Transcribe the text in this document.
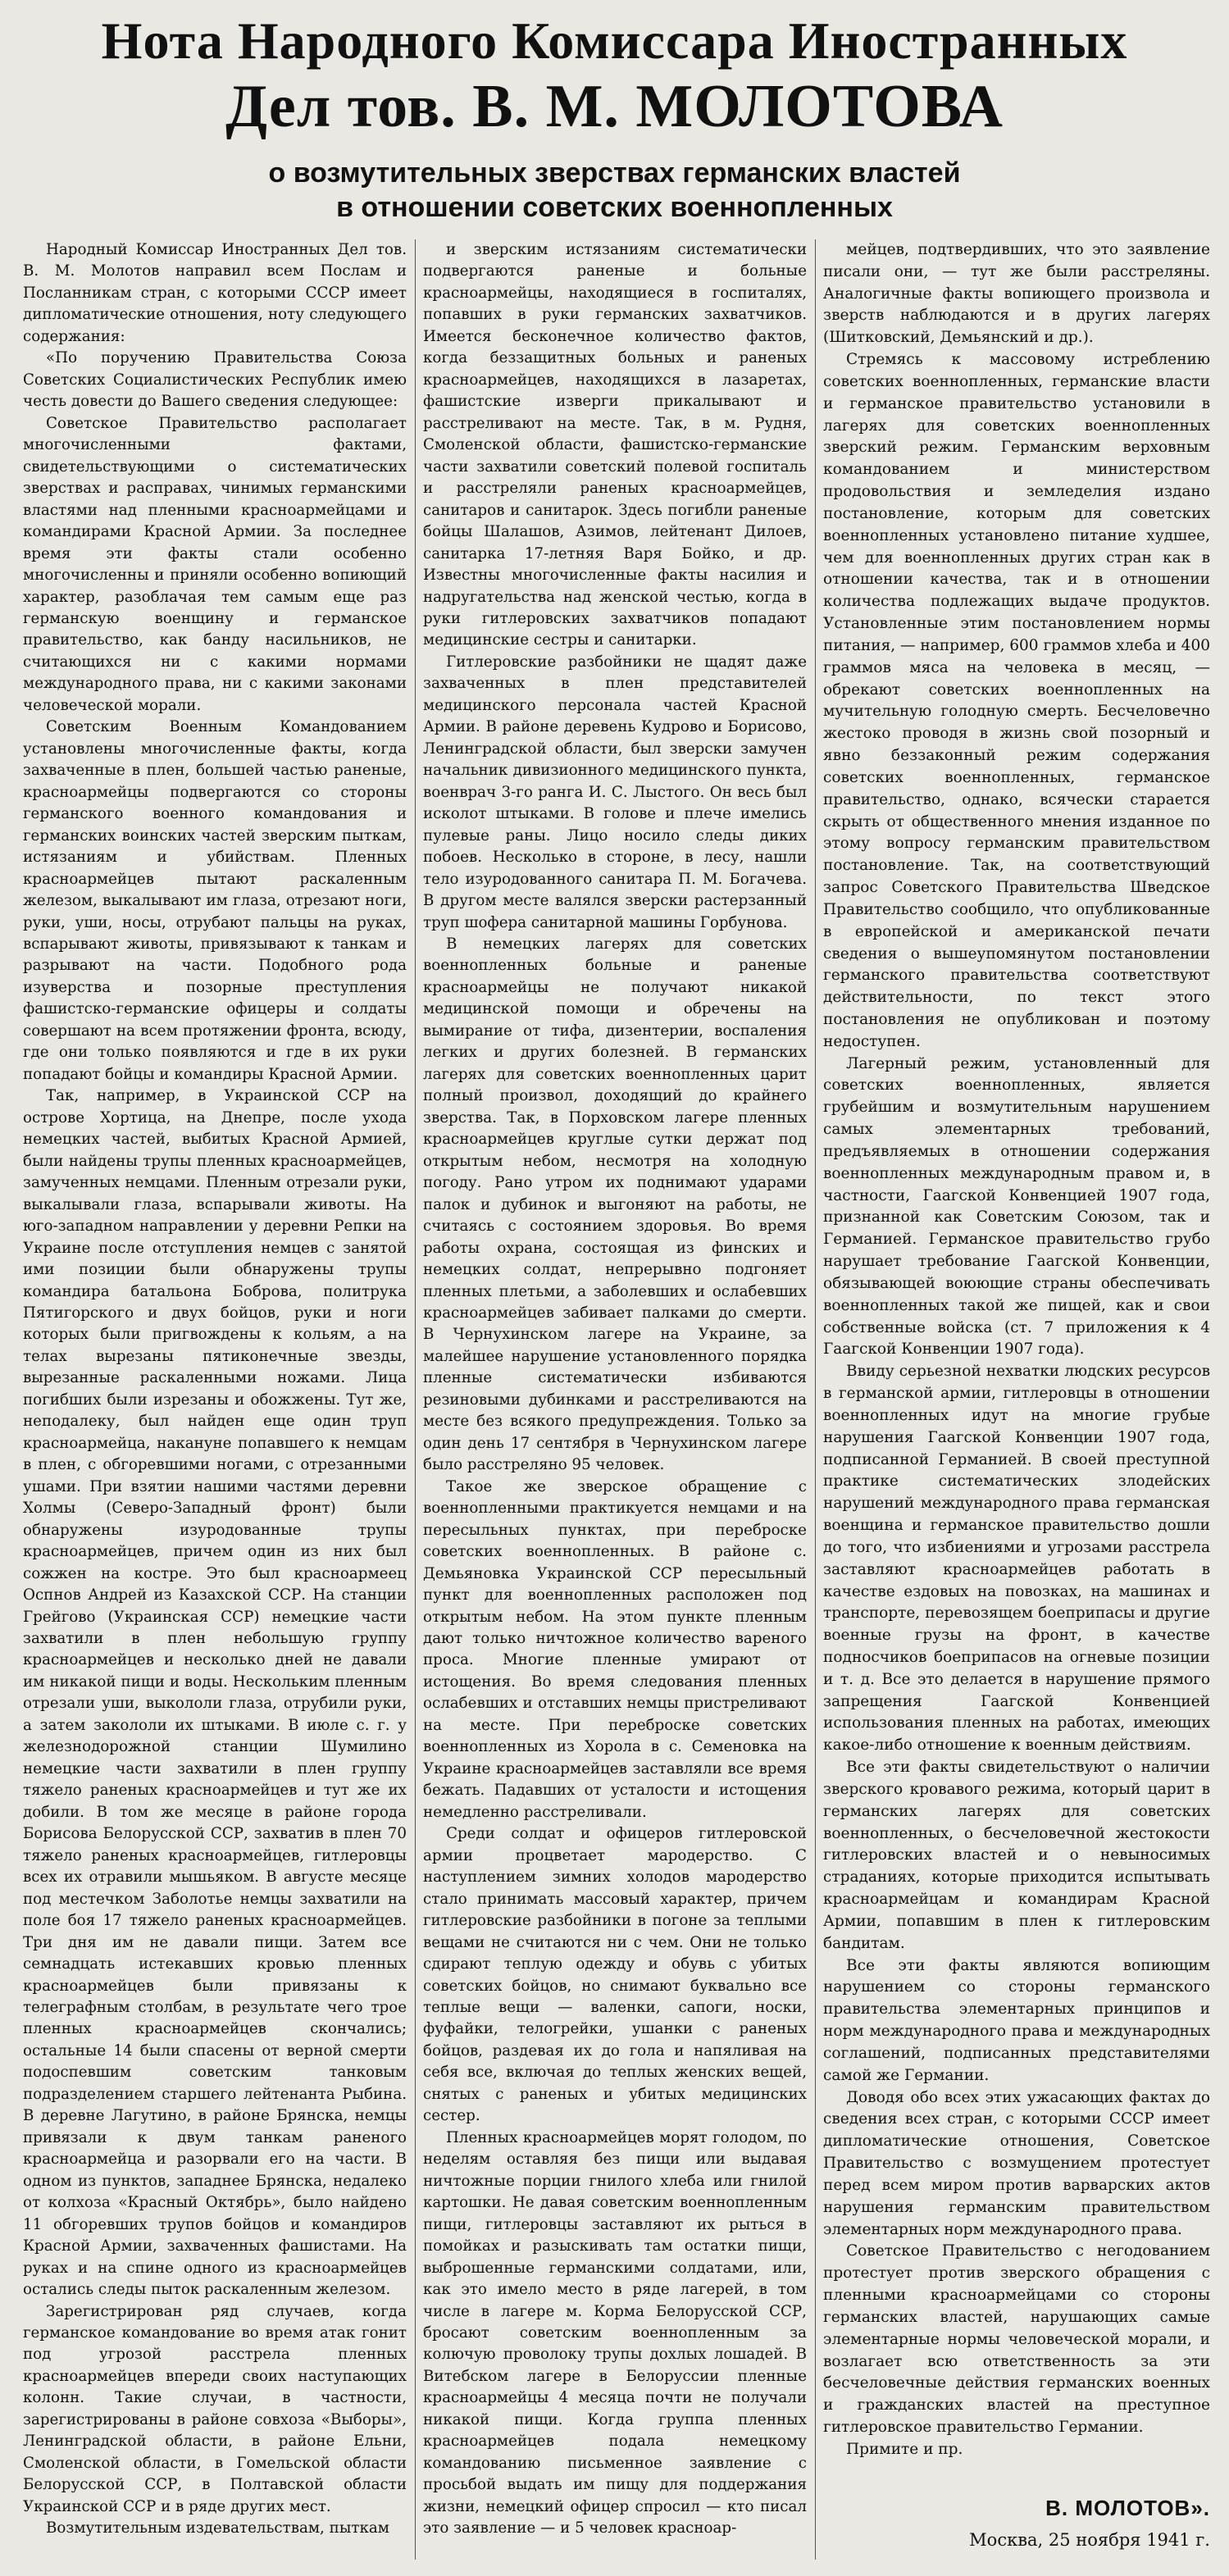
Нота Народного Комиссара Иностранных
Дел тов. В. М. МОЛОТОВА
о возмутительных зверствах германских властей
в отношении советских военнопленных

Народный Комиссар Иностранных Дел тов. В. М. Молотов направил всем Послам и Посланникам стран, с которыми СССР имеет дипломатические отношения, ноту следующего содержания:

«По поручению Правительства Союза Советских Социалистических Республик имею честь довести до Вашего сведения следующее:

Советское Правительство располагает многочисленными фактами, свидетельствующими о систематических зверствах и расправах, чинимых германскими властями над пленными красноармейцами и командирами Красной Армии. За последнее время эти факты стали особенно многочисленны и приняли особенно вопиющий характер, разоблачая тем самым еще раз германскую военщину и германское правительство, как банду насильников, не считающихся ни с какими нормами международного права, ни с какими законами человеческой морали.

Советским Военным Командованием установлены многочисленные факты, когда захваченные в плен, большей частью раненые, красноармейцы подвергаются со стороны германского военного командования и германских воинских частей зверским пыткам, истязаниям и убийствам. Пленных красноармейцев пытают раскаленным железом, выкалывают им глаза, отрезают ноги, руки, уши, носы, отрубают пальцы на руках, вспарывают животы, привязывают к танкам и разрывают на части. Подобного рода изуверства и позорные преступления фашистско-германские офицеры и солдаты совершают на всем протяжении фронта, всюду, где они только появляются и где в их руки попадают бойцы и командиры Красной Армии.

Так, например, в Украинской ССР на острове Хортица, на Днепре, после ухода немецких частей, выбитых Красной Армией, были найдены трупы пленных красноармейцев, замученных немцами. Пленным отрезали руки, выкалывали глаза, вспарывали животы. На юго-западном направлении у деревни Репки на Украине после отступления немцев с занятой ими позиции были обнаружены трупы командира батальона Боброва, политрука Пятигорского и двух бойцов, руки и ноги которых были пригвождены к кольям, а на телах вырезаны пятиконечные звезды, вырезанные раскаленными ножами. Лица погибших были изрезаны и обожжены. Тут же, неподалеку, был найден еще один труп красноармейца, накануне попавшего к немцам в плен, с обгоревшими ногами, с отрезанными ушами. При взятии нашими частями деревни Холмы (Северо-Западный фронт) были обнаружены изуродованные трупы красноармейцев, причем один из них был сожжен на костре. Это был красноармеец Оспнов Андрей из Казахской ССР. На станции Грейгово (Украинская ССР) немецкие части захватили в плен небольшую группу красноармейцев и несколько дней не давали им никакой пищи и воды. Нескольким пленным отрезали уши, выкололи глаза, отрубили руки, а затем закололи их штыками. В июле с. г. у железнодорожной станции Шумилино немецкие части захватили в плен группу тяжело раненых красноармейцев и тут же их добили. В том же месяце в районе города Борисова Белорусской ССР, захватив в плен 70 тяжело раненых красноармейцев, гитлеровцы всех их отравили мышьяком. В августе месяце под местечком Заболотье немцы захватили на поле боя 17 тяжело раненых красноармейцев. Три дня им не давали пищи. Затем все семнадцать истекавших кровью пленных красноармейцев были привязаны к телеграфным столбам, в результате чего трое пленных красноармейцев скончались; остальные 14 были спасены от верной смерти подоспевшим советским танковым подразделением старшего лейтенанта Рыбина. В деревне Лагутино, в районе Брянска, немцы привязали к двум танкам раненого красноармейца и разорвали его на части. В одном из пунктов, западнее Брянска, недалеко от колхоза «Красный Октябрь», было найдено 11 обгоревших трупов бойцов и командиров Красной Армии, захваченных фашистами. На руках и на спине одного из красноармейцев остались следы пыток раскаленным железом.

Зарегистрирован ряд случаев, когда германское командование во время атак гонит под угрозой расстрела пленных красноармейцев впереди своих наступающих колонн. Такие случаи, в частности, зарегистрированы в районе совхоза «Выборы», Ленинградской области, в районе Ельни, Смоленской области, в Гомельской области Белорусской ССР, в Полтавской области Украинской ССР и в ряде других мест.

Возмутительным издевательствам, пыткам

и зверским истязаниям систематически подвергаются раненые и больные красноармейцы, находящиеся в госпиталях, попавших в руки германских захватчиков. Имеется бесконечное количество фактов, когда беззащитных больных и раненых красноармейцев, находящихся в лазаретах, фашистские изверги прикалывают и расстреливают на месте. Так, в м. Рудня, Смоленской области, фашистско-германские части захватили советский полевой госпиталь и расстреляли раненых красноармейцев, санитаров и санитарок. Здесь погибли раненые бойцы Шалашов, Азимов, лейтенант Дилоев, санитарка 17-летняя Варя Бойко, и др. Известны многочисленные факты насилия и надругательства над женской честью, когда в руки гитлеровских захватчиков попадают медицинские сестры и санитарки.

Гитлеровские разбойники не щадят даже захваченных в плен представителей медицинского персонала частей Красной Армии. В районе деревень Кудрово и Борисово, Ленинградской области, был зверски замучен начальник дивизионного медицинского пункта, военврач 3-го ранга И. С. Лыстого. Он весь был исколот штыками. В голове и плече имелись пулевые раны. Лицо носило следы диких побоев. Несколько в стороне, в лесу, нашли тело изуродованного санитара П. М. Богачева. В другом месте валялся зверски растерзанный труп шофера санитарной машины Горбунова.

В немецких лагерях для советских военнопленных больные и раненые красноармейцы не получают никакой медицинской помощи и обречены на вымирание от тифа, дизентерии, воспаления легких и других болезней. В германских лагерях для советских военнопленных царит полный произвол, доходящий до крайнего зверства. Так, в Порховском лагере пленных красноармейцев круглые сутки держат под открытым небом, несмотря на холодную погоду. Рано утром их поднимают ударами палок и дубинок и выгоняют на работы, не считаясь с состоянием здоровья. Во время работы охрана, состоящая из финских и немецких солдат, непрерывно подгоняет пленных плетьми, а заболевших и ослабевших красноармейцев забивает палками до смерти. В Чернухинском лагере на Украине, за малейшее нарушение установленного порядка пленные систематически избиваются резиновыми дубинками и расстреливаются на месте без всякого предупреждения. Только за один день 17 сентября в Чернухинском лагере было расстреляно 95 человек.

Такое же зверское обращение с военнопленными практикуется немцами и на пересыльных пунктах, при переброске советских военнопленных. В районе с. Демьяновка Украинской ССР пересыльный пункт для военнопленных расположен под открытым небом. На этом пункте пленным дают только ничтожное количество вареного проса. Многие пленные умирают от истощения. Во время следования пленных ослабевших и отставших немцы пристреливают на месте. При переброске советских военнопленных из Хорола в с. Семеновка на Украине красноармейцев заставляли все время бежать. Падавших от усталости и истощения немедленно расстреливали.

Среди солдат и офицеров гитлеровской армии процветает мародерство. С наступлением зимних холодов мародерство стало принимать массовый характер, причем гитлеровские разбойники в погоне за теплыми вещами не считаются ни с чем. Они не только сдирают теплую одежду и обувь с убитых советских бойцов, но снимают буквально все теплые вещи — валенки, сапоги, носки, фуфайки, телогрейки, ушанки с раненых бойцов, раздевая их до гола и напяливая на себя все, включая до теплых женских вещей, снятых с раненых и убитых медицинских сестер.

Пленных красноармейцев морят голодом, по неделям оставляя без пищи или выдавая ничтожные порции гнилого хлеба или гнилой картошки. Не давая советским военнопленным пищи, гитлеровцы заставляют их рыться в помойках и разыскивать там остатки пищи, выброшенные германскими солдатами, или, как это имело место в ряде лагерей, в том числе в лагере м. Корма Белорусской ССР, бросают советским военнопленным за колючую проволоку трупы дохлых лошадей. В Витебском лагере в Белоруссии пленные красноармейцы 4 месяца почти не получали никакой пищи. Когда группа пленных красноармейцев подала немецкому командованию письменное заявление с просьбой выдать им пищу для поддержания жизни, немецкий офицер спросил — кто писал это заявление — и 5 человек красноар-

мейцев, подтвердивших, что это заявление писали они, — тут же были расстреляны. Аналогичные факты вопиющего произвола и зверств наблюдаются и в других лагерях (Шитковский, Демьянский и др.).

Стремясь к массовому истреблению советских военнопленных, германские власти и германское правительство установили в лагерях для советских военнопленных зверский режим. Германским верховным командованием и министерством продовольствия и земледелия издано постановление, которым для советских военнопленных установлено питание худшее, чем для военнопленных других стран как в отношении качества, так и в отношении количества подлежащих выдаче продуктов. Установленные этим постановлением нормы питания, — например, 600 граммов хлеба и 400 граммов мяса на человека в месяц, — обрекают советских военнопленных на мучительную голодную смерть. Бесчеловечно жестоко проводя в жизнь свой позорный и явно беззаконный режим содержания советских военнопленных, германское правительство, однако, всячески старается скрыть от общественного мнения изданное по этому вопросу германским правительством постановление. Так, на соответствующий запрос Советского Правительства Шведское Правительство сообщило, что опубликованные в европейской и американской печати сведения о вышеупомянутом постановлении германского правительства соответствуют действительности, по текст этого постановления не опубликован и поэтому недоступен.

Лагерный режим, установленный для советских военнопленных, является грубейшим и возмутительным нарушением самых элементарных требований, предъявляемых в отношении содержания военнопленных международным правом и, в частности, Гаагской Конвенцией 1907 года, признанной как Советским Союзом, так и Германией. Германское правительство грубо нарушает требование Гаагской Конвенции, обязывающей воюющие страны обеспечивать военнопленных такой же пищей, как и свои собственные войска (ст. 7 приложения к 4 Гаагской Конвенции 1907 года).

Ввиду серьезной нехватки людских ресурсов в германской армии, гитлеровцы в отношении военнопленных идут на многие грубые нарушения Гаагской Конвенции 1907 года, подписанной Германией. В своей преступной практике систематических злодейских нарушений международного права германская военщина и германское правительство дошли до того, что избиениями и угрозами расстрела заставляют красноармейцев работать в качестве ездовых на повозках, на машинах и транспорте, перевозящем боеприпасы и другие военные грузы на фронт, в качестве подносчиков боеприпасов на огневые позиции и т. д. Все это делается в нарушение прямого запрещения Гаагской Конвенцией использования пленных на работах, имеющих какое-либо отношение к военным действиям.

Все эти факты свидетельствуют о наличии зверского кровавого режима, который царит в германских лагерях для советских военнопленных, о бесчеловечной жестокости гитлеровских властей и о невыносимых страданиях, которые приходится испытывать красноармейцам и командирам Красной Армии, попавшим в плен к гитлеровским бандитам.

Все эти факты являются вопиющим нарушением со стороны германского правительства элементарных принципов и норм международного права и международных соглашений, подписанных представителями самой же Германии.

Доводя обо всех этих ужасающих фактах до сведения всех стран, с которыми СССР имеет дипломатические отношения, Советское Правительство с возмущением протестует перед всем миром против варварских актов нарушения германским правительством элементарных норм международного права.

Советское Правительство с негодованием протестует против зверского обращения с пленными красноармейцами со стороны германских властей, нарушающих самые элементарные нормы человеческой морали, и возлагает всю ответственность за эти бесчеловечные действия германских военных и гражданских властей на преступное гитлеровское правительство Германии.

Примите и пр.

В. МОЛОТОВ».
Москва, 25 ноября 1941 г.
